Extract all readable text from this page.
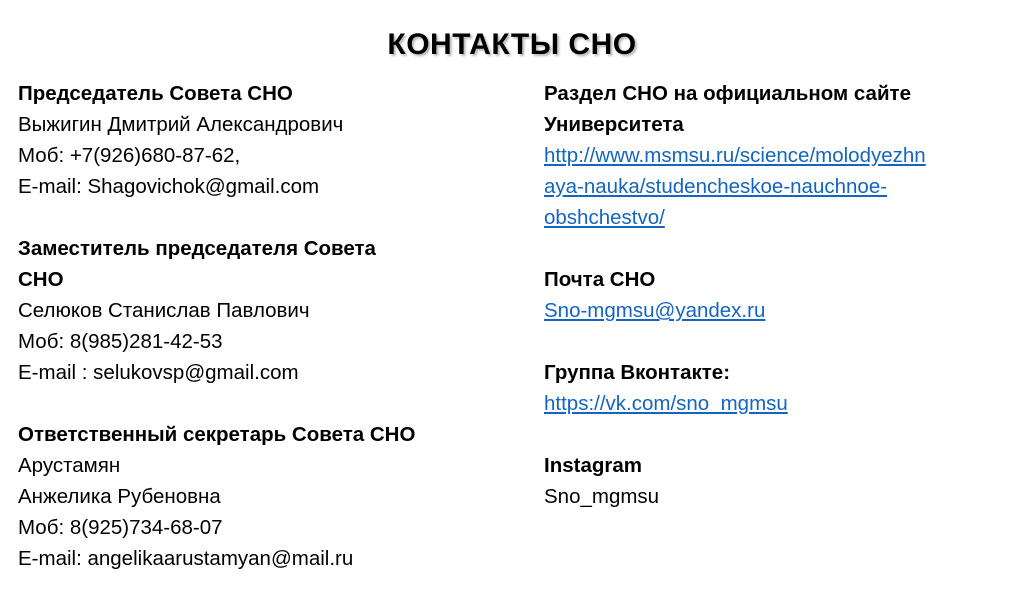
КОНТАКТЫ СНО
Председатель Совета СНО
Выжигин Дмитрий Александрович
Моб: +7(926)680-87-62,
E-mail: Shagovichok@gmail.com
Заместитель председателя Совета
СНО
Селюков Станислав Павлович
Моб: 8(985)281-42-53
E-mail : selukovsp@gmail.com
Ответственный секретарь Совета СНО
Арустамян
Анжелика Рубеновна
Моб: 8(925)734-68-07
E-mail: angelikaarustamyan@mail.ru
Раздел СНО на официальном сайте
Университета
http://www.msmsu.ru/science/molodyezhn
aya-nauka/studencheskoe-nauchnoe-
obshchestvo/
Почта СНО
Sno-mgmsu@yandex.ru
Группа Вконтакте:
https://vk.com/sno_mgmsu
Instagram
Sno_mgmsu
